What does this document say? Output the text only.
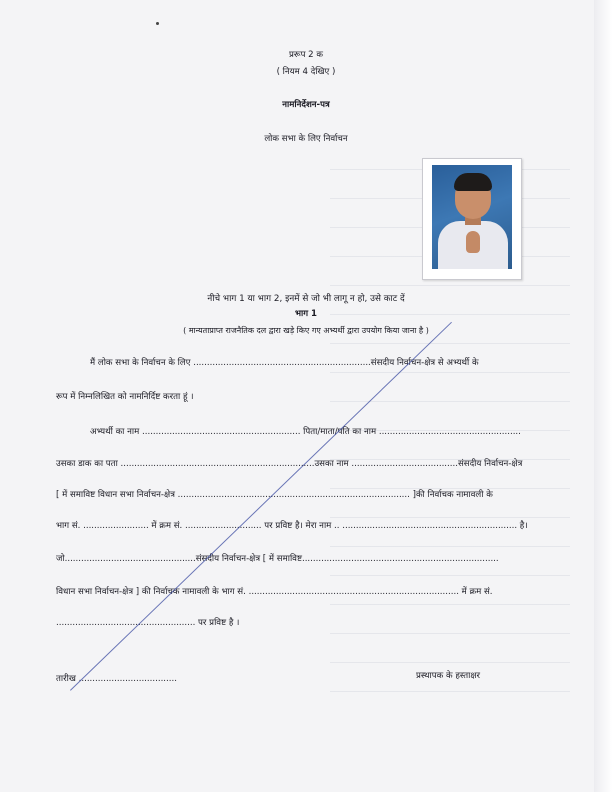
प्ररूप 2 क
( नियम 4 देखिए )
नामनिर्देशन-पत्र
लोक सभा के लिए निर्वाचन
नीचे भाग 1 या भाग 2, इनमें से जो भी लागू न हो, उसे काट दें
भाग 1
( मान्यताप्राप्त राजनैतिक दल द्वारा खड़े किए गए अभ्यर्थी द्वारा उपयोग किया जाना है )
मैं लोक सभा के निर्वाचन के लिए .................................................................संसदीय निर्वाचन-क्षेत्र से अभ्यर्थी के
रूप में निम्नलिखित को नामनिर्दिष्ट करता हूं ।
अभ्यर्थी का नाम .......................................................... पिता/माता/पति का नाम ....................................................
उसका डाक का पता .......................................................................उसका नाम .......................................संसदीय निर्वाचन-क्षेत्र
[ में समाविष्ट विधान सभा निर्वाचन-क्षेत्र ..................................................................................... ]की निर्वाचक नामावली के
भाग सं. ........................ में क्रम सं. ............................ पर प्रविष्ट है। मेरा नाम .. ................................................................ है।
जो................................................संसदीय निर्वाचन-क्षेत्र [ में समाविष्ट........................................................................
विधान सभा निर्वाचन-क्षेत्र ] की निर्वाचक नामावली के भाग सं. ............................................................................. में क्रम सं.
................................................... पर प्रविष्ट है ।
तारीख ....................................	प्रस्थापक के हस्ताक्षर
